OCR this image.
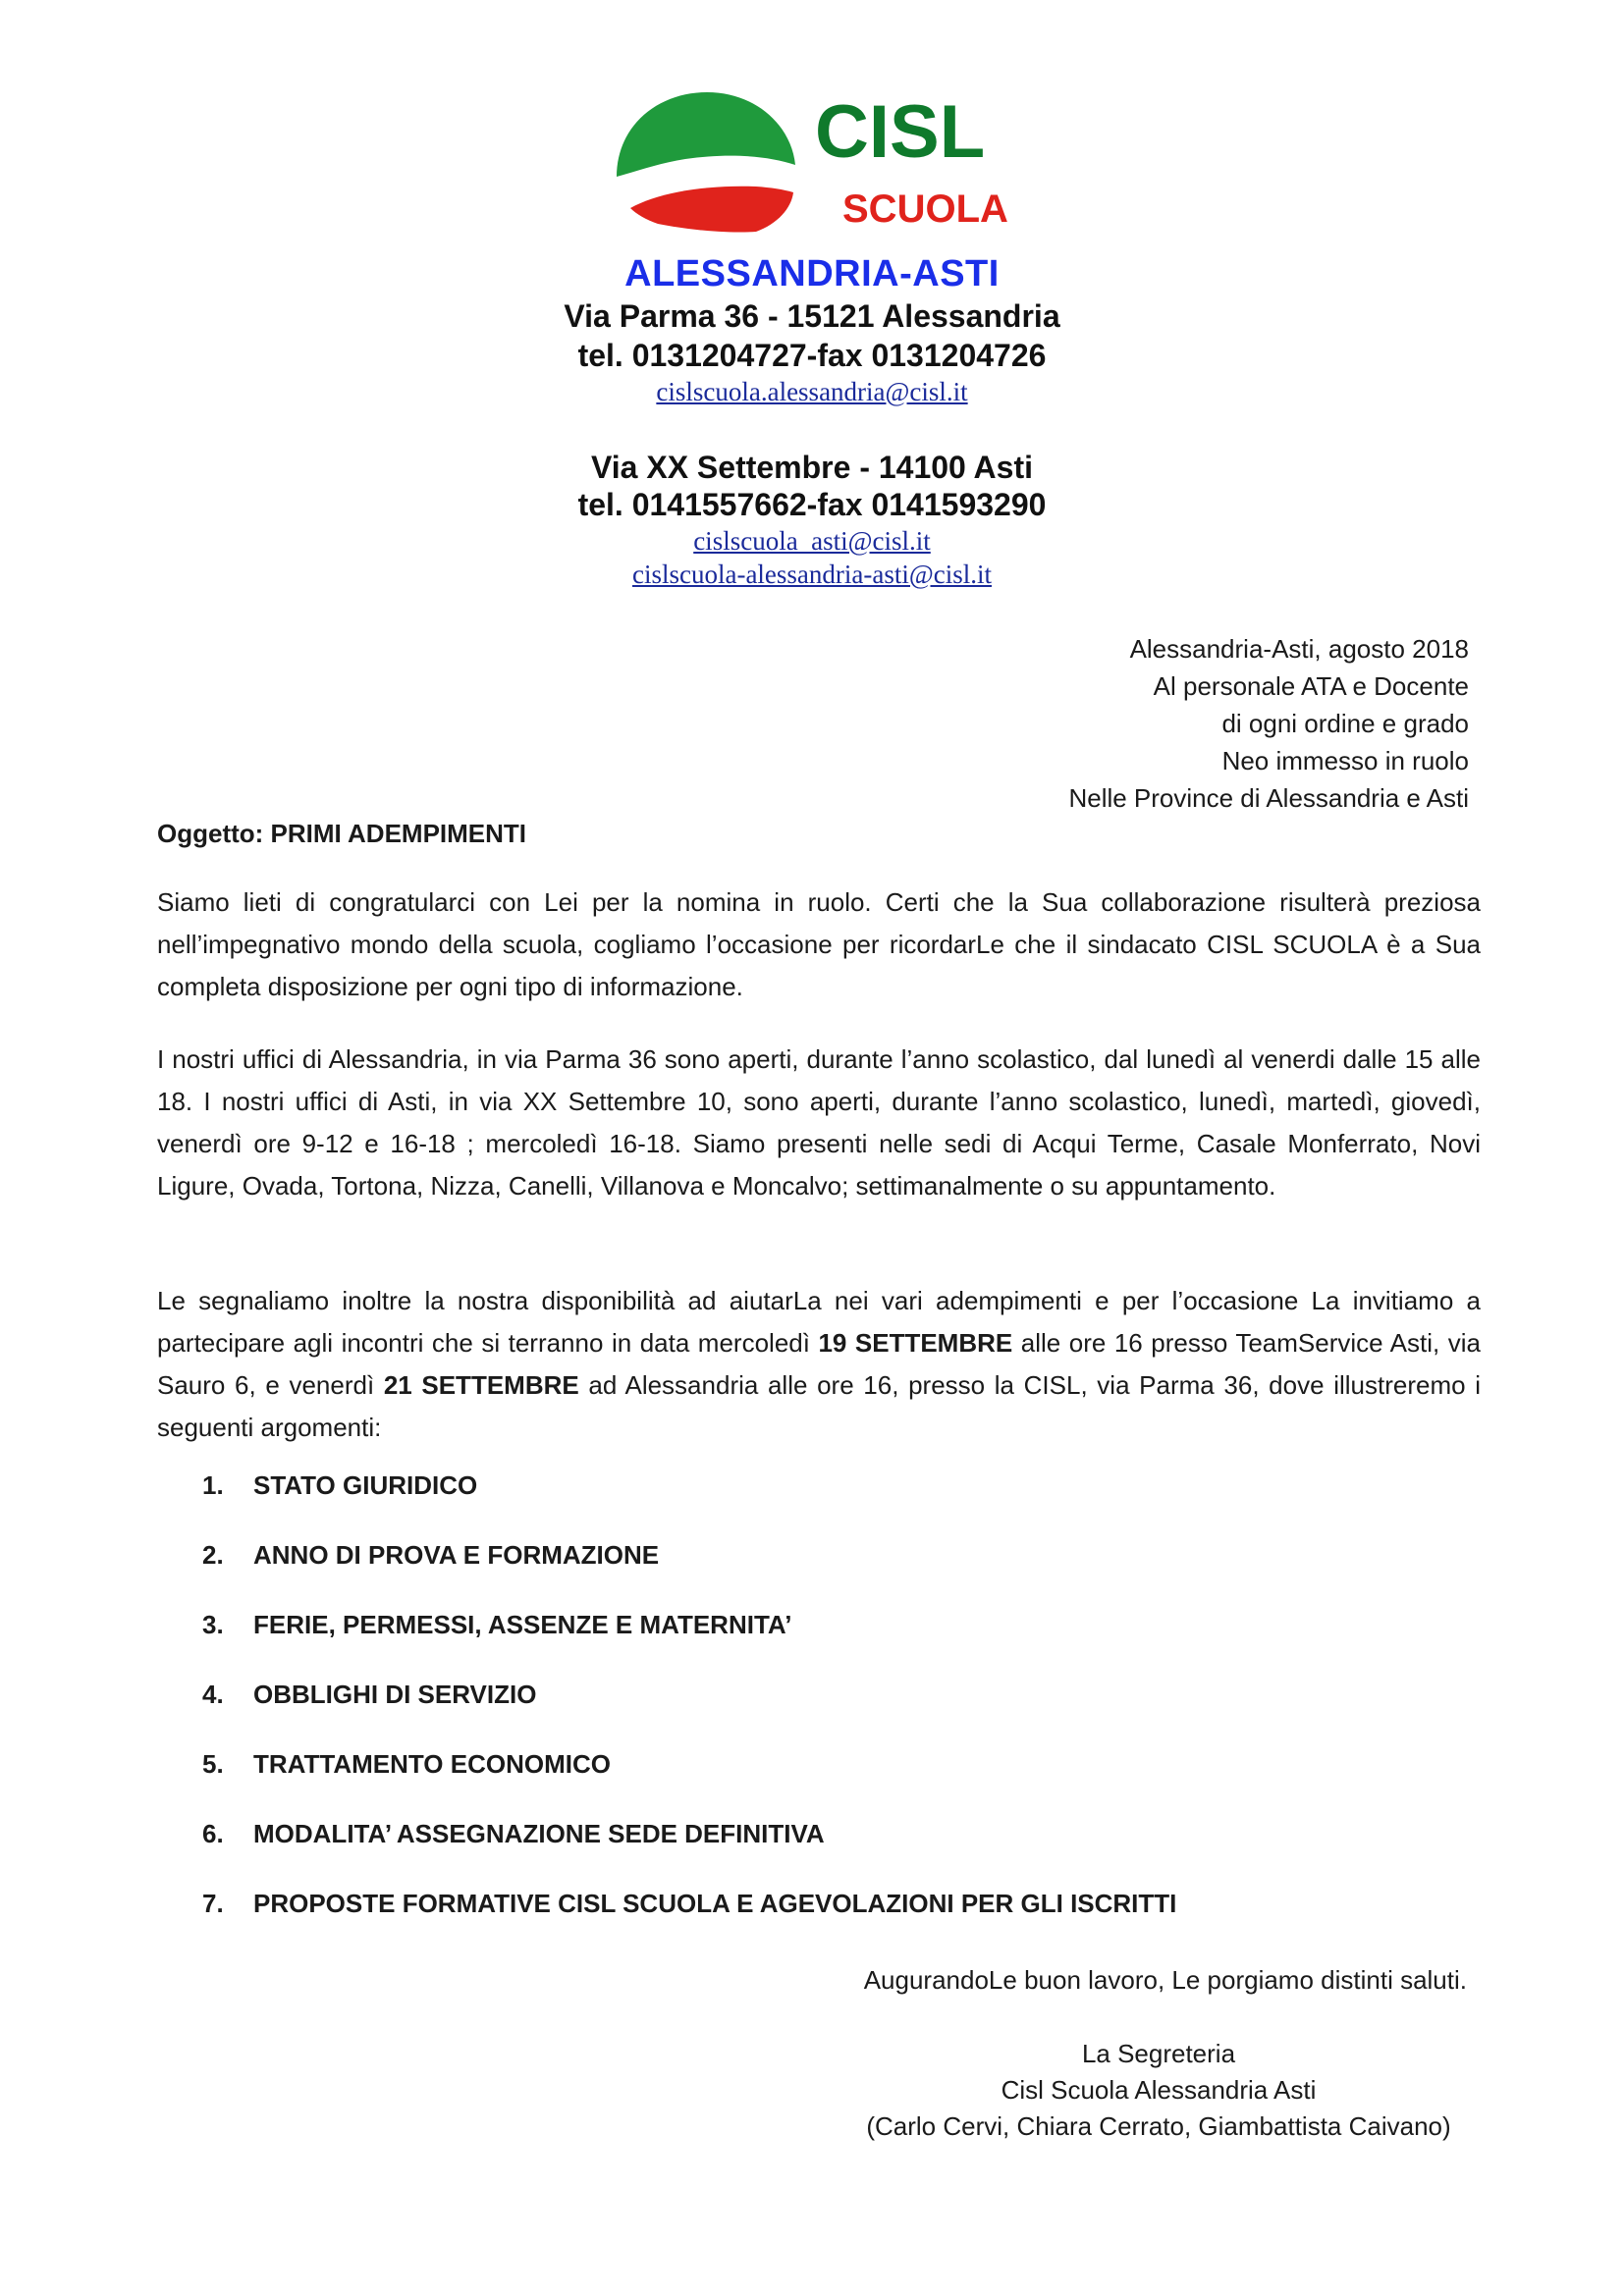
CISL
SCUOLA
ALESSANDRIA-ASTI
Via Parma 36 - 15121 Alessandria
tel. 0131204727-fax 0131204726
cislscuola.alessandria@cisl.it
Via XX Settembre - 14100 Asti
tel. 0141557662-fax 0141593290
cislscuola_asti@cisl.it
cislscuola-alessandria-asti@cisl.it
Alessandria-Asti, agosto 2018
Al personale ATA e Docente
di ogni ordine e grado
Neo immesso in ruolo
Nelle Province di Alessandria e Asti
Oggetto: PRIMI ADEMPIMENTI

Siamo lieti di congratularci con Lei per la nomina in ruolo. Certi che la Sua collaborazione risulterà preziosa nell’impegnativo mondo della scuola, cogliamo l’occasione per ricordarLe che il sindacato CISL SCUOLA è a Sua completa disposizione per ogni tipo di informazione.

I nostri uffici di Alessandria, in via Parma 36 sono aperti, durante l’anno scolastico, dal lunedì al venerdi dalle 15 alle 18. I nostri uffici di Asti, in via XX Settembre 10, sono aperti, durante l’anno scolastico, lunedì, martedì, giovedì, venerdì ore 9-12 e 16-18 ; mercoledì 16-18. Siamo presenti nelle sedi di Acqui Terme, Casale Monferrato, Novi Ligure, Ovada, Tortona, Nizza, Canelli, Villanova e Moncalvo; settimanalmente o su appuntamento.

Le segnaliamo inoltre la nostra disponibilità ad aiutarLa nei vari adempimenti e per l’occasione La invitiamo a partecipare agli incontri che si terranno in data mercoledì 19 SETTEMBRE alle ore 16 presso TeamService Asti, via Sauro 6, e venerdì 21 SETTEMBRE ad Alessandria alle ore 16, presso la CISL, via Parma 36, dove illustreremo i seguenti argomenti:

1. STATO GIURIDICO
2. ANNO DI PROVA E FORMAZIONE
3. FERIE, PERMESSI, ASSENZE E MATERNITA’
4. OBBLIGHI DI SERVIZIO
5. TRATTAMENTO ECONOMICO
6. MODALITA’ ASSEGNAZIONE SEDE DEFINITIVA
7. PROPOSTE FORMATIVE CISL SCUOLA E AGEVOLAZIONI PER GLI ISCRITTI
AugurandoLe buon lavoro, Le porgiamo distinti saluti.
La Segreteria
Cisl Scuola Alessandria Asti
(Carlo Cervi, Chiara Cerrato, Giambattista Caivano)
